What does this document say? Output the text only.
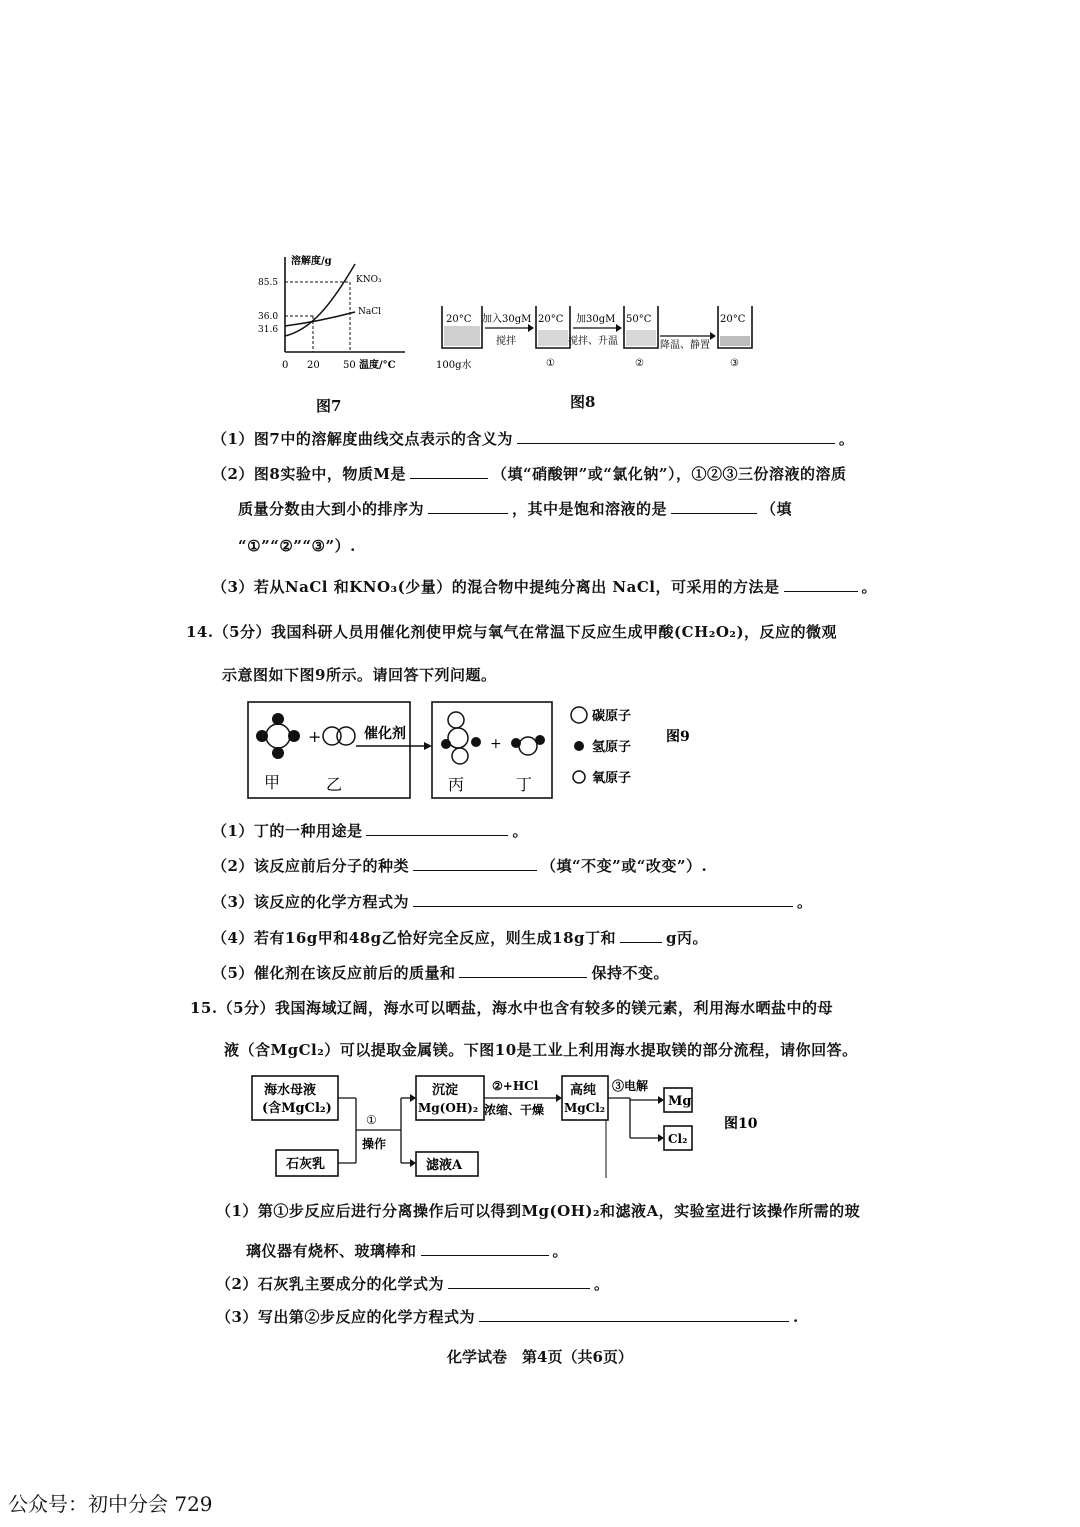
溶解度/g
85.5
36.0
31.6
0 20 50 温度/°C
KNO₃
NaCl
图7
20°C
100g水
加入30gM
搅拌
20°C
①
加30gM
搅拌、升温
50°C
②
降温、静置
20°C
③
图8
（1）图7中的溶解度曲线交点表示的含义为	。
（2）图8实验中，物质M是	（填“硝酸钾”或“氯化钠”），①②③三份溶液的溶质
质量分数由大到小的排序为	，其中是饱和溶液的是	（填
“①”“②”“③”）.
（3）若从NaCl 和KNO₃(少量）的混合物中提纯分离出 NaCl，可采用的方法是	。
14.（5分）我国科研人员用催化剂使甲烷与氧气在常温下反应生成甲酸(CH₂O₂)，反应的微观
示意图如下图9所示。请回答下列问题。
+
甲	乙
催化剂
+
丙	丁
碳原子
氢原子
氧原子
图9
（1）丁的一种用途是	。
（2）该反应前后分子的种类	（填“不变”或“改变”）.
（3）该反应的化学方程式为	。
（4）若有16g甲和48g乙恰好完全反应，则生成18g丁和	g丙。
（5）催化剂在该反应前后的质量和	保持不变。
15.（5分）我国海域辽阔，海水可以晒盐，海水中也含有较多的镁元素，利用海水晒盐中的母
液（含MgCl₂）可以提取金属镁。下图10是工业上利用海水提取镁的部分流程，请你回答。
海水母液
(含MgCl₂)
石灰乳
①
操作
沉淀
Mg(OH)₂
滤液A
②+HCl
浓缩、干燥
高纯
MgCl₂
③电解
Mg
Cl₂
图10
（1）第①步反应后进行分离操作后可以得到Mg(OH)₂和滤液A，实验室进行该操作所需的玻
璃仪器有烧杯、玻璃棒和	。
（2）石灰乳主要成分的化学式为	。
（3）写出第②步反应的化学方程式为	.
化学试卷　第4页（共6页）
公众号：初中分会 729
